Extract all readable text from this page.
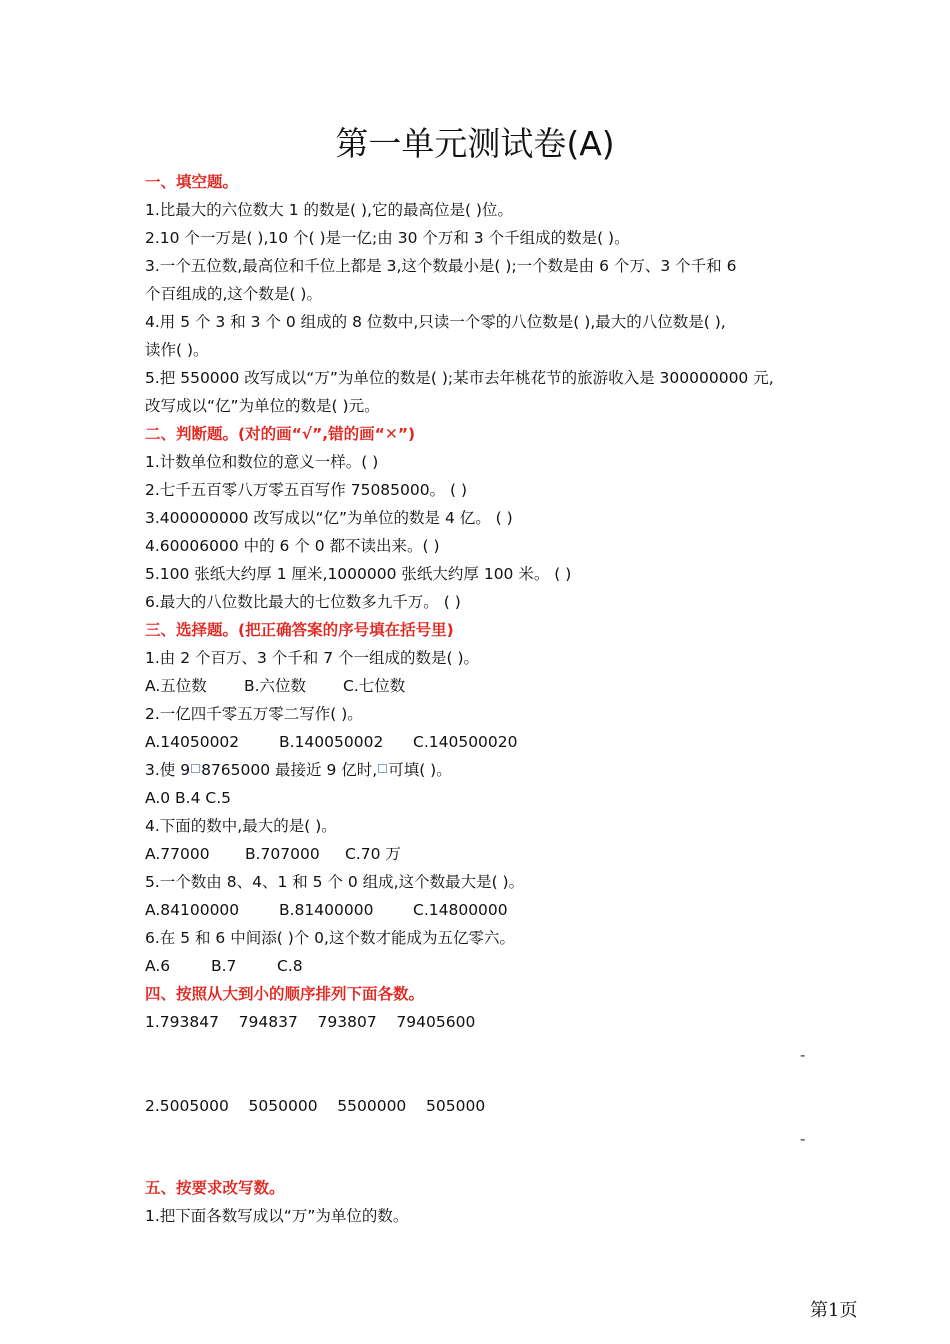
第一单元测试卷(A)
一、填空题。
1.比最大的六位数大 1 的数是( ),它的最高位是( )位。
2.10 个一万是( ),10 个( )是一亿;由 30 个万和 3 个千组成的数是( )。
3.一个五位数,最高位和千位上都是 3,这个数最小是( );一个数是由 6 个万、3 个千和 6
个百组成的,这个数是( )。
4.用 5 个 3 和 3 个 0 组成的 8 位数中,只读一个零的八位数是( ),最大的八位数是( ),
读作( )。
5.把 550000 改写成以“万”为单位的数是( );某市去年桃花节的旅游收入是 300000000 元,
改写成以“亿”为单位的数是( )元。
二、判断题。(对的画“√”,错的画“✕”)
1.计数单位和数位的意义一样。( )
2.七千五百零八万零五百写作 75085000。 ( )
3.400000000 改写成以“亿”为单位的数是 4 亿。 ( )
4.60006000 中的 6 个 0 都不读出来。( )
5.100 张纸大约厚 1 厘米,1000000 张纸大约厚 100 米。 ( )
6.最大的八位数比最大的七位数多九千万。 ( )
三、选择题。(把正确答案的序号填在括号里)
1.由 2 个百万、3 个千和 7 个一组成的数是( )。
A.五位数 B.六位数 C.七位数
2.一亿四千零五万零二写作( )。
A.14050002	B.140050002 C.140500020
3.使 9 8765000 最接近 9 亿时, 可填( )。
A.0 B.4 C.5
4.下面的数中,最大的是( )。
A.77000 B.707000 C.70 万
5.一个数由 8、4、1 和 5 个 0 组成,这个数最大是( )。
A.84100000	B.81400000	C.14800000
6.在 5 和 6 中间添( )个 0,这个数才能成为五亿零六。
A.6	B.7	C.8
四、按照从大到小的顺序排列下面各数。
1.793847    794837    793807    79405600
-
2.5005000    5050000    5500000    505000
-
五、按要求改写数。
1.把下面各数写成以“万”为单位的数。
第1页
